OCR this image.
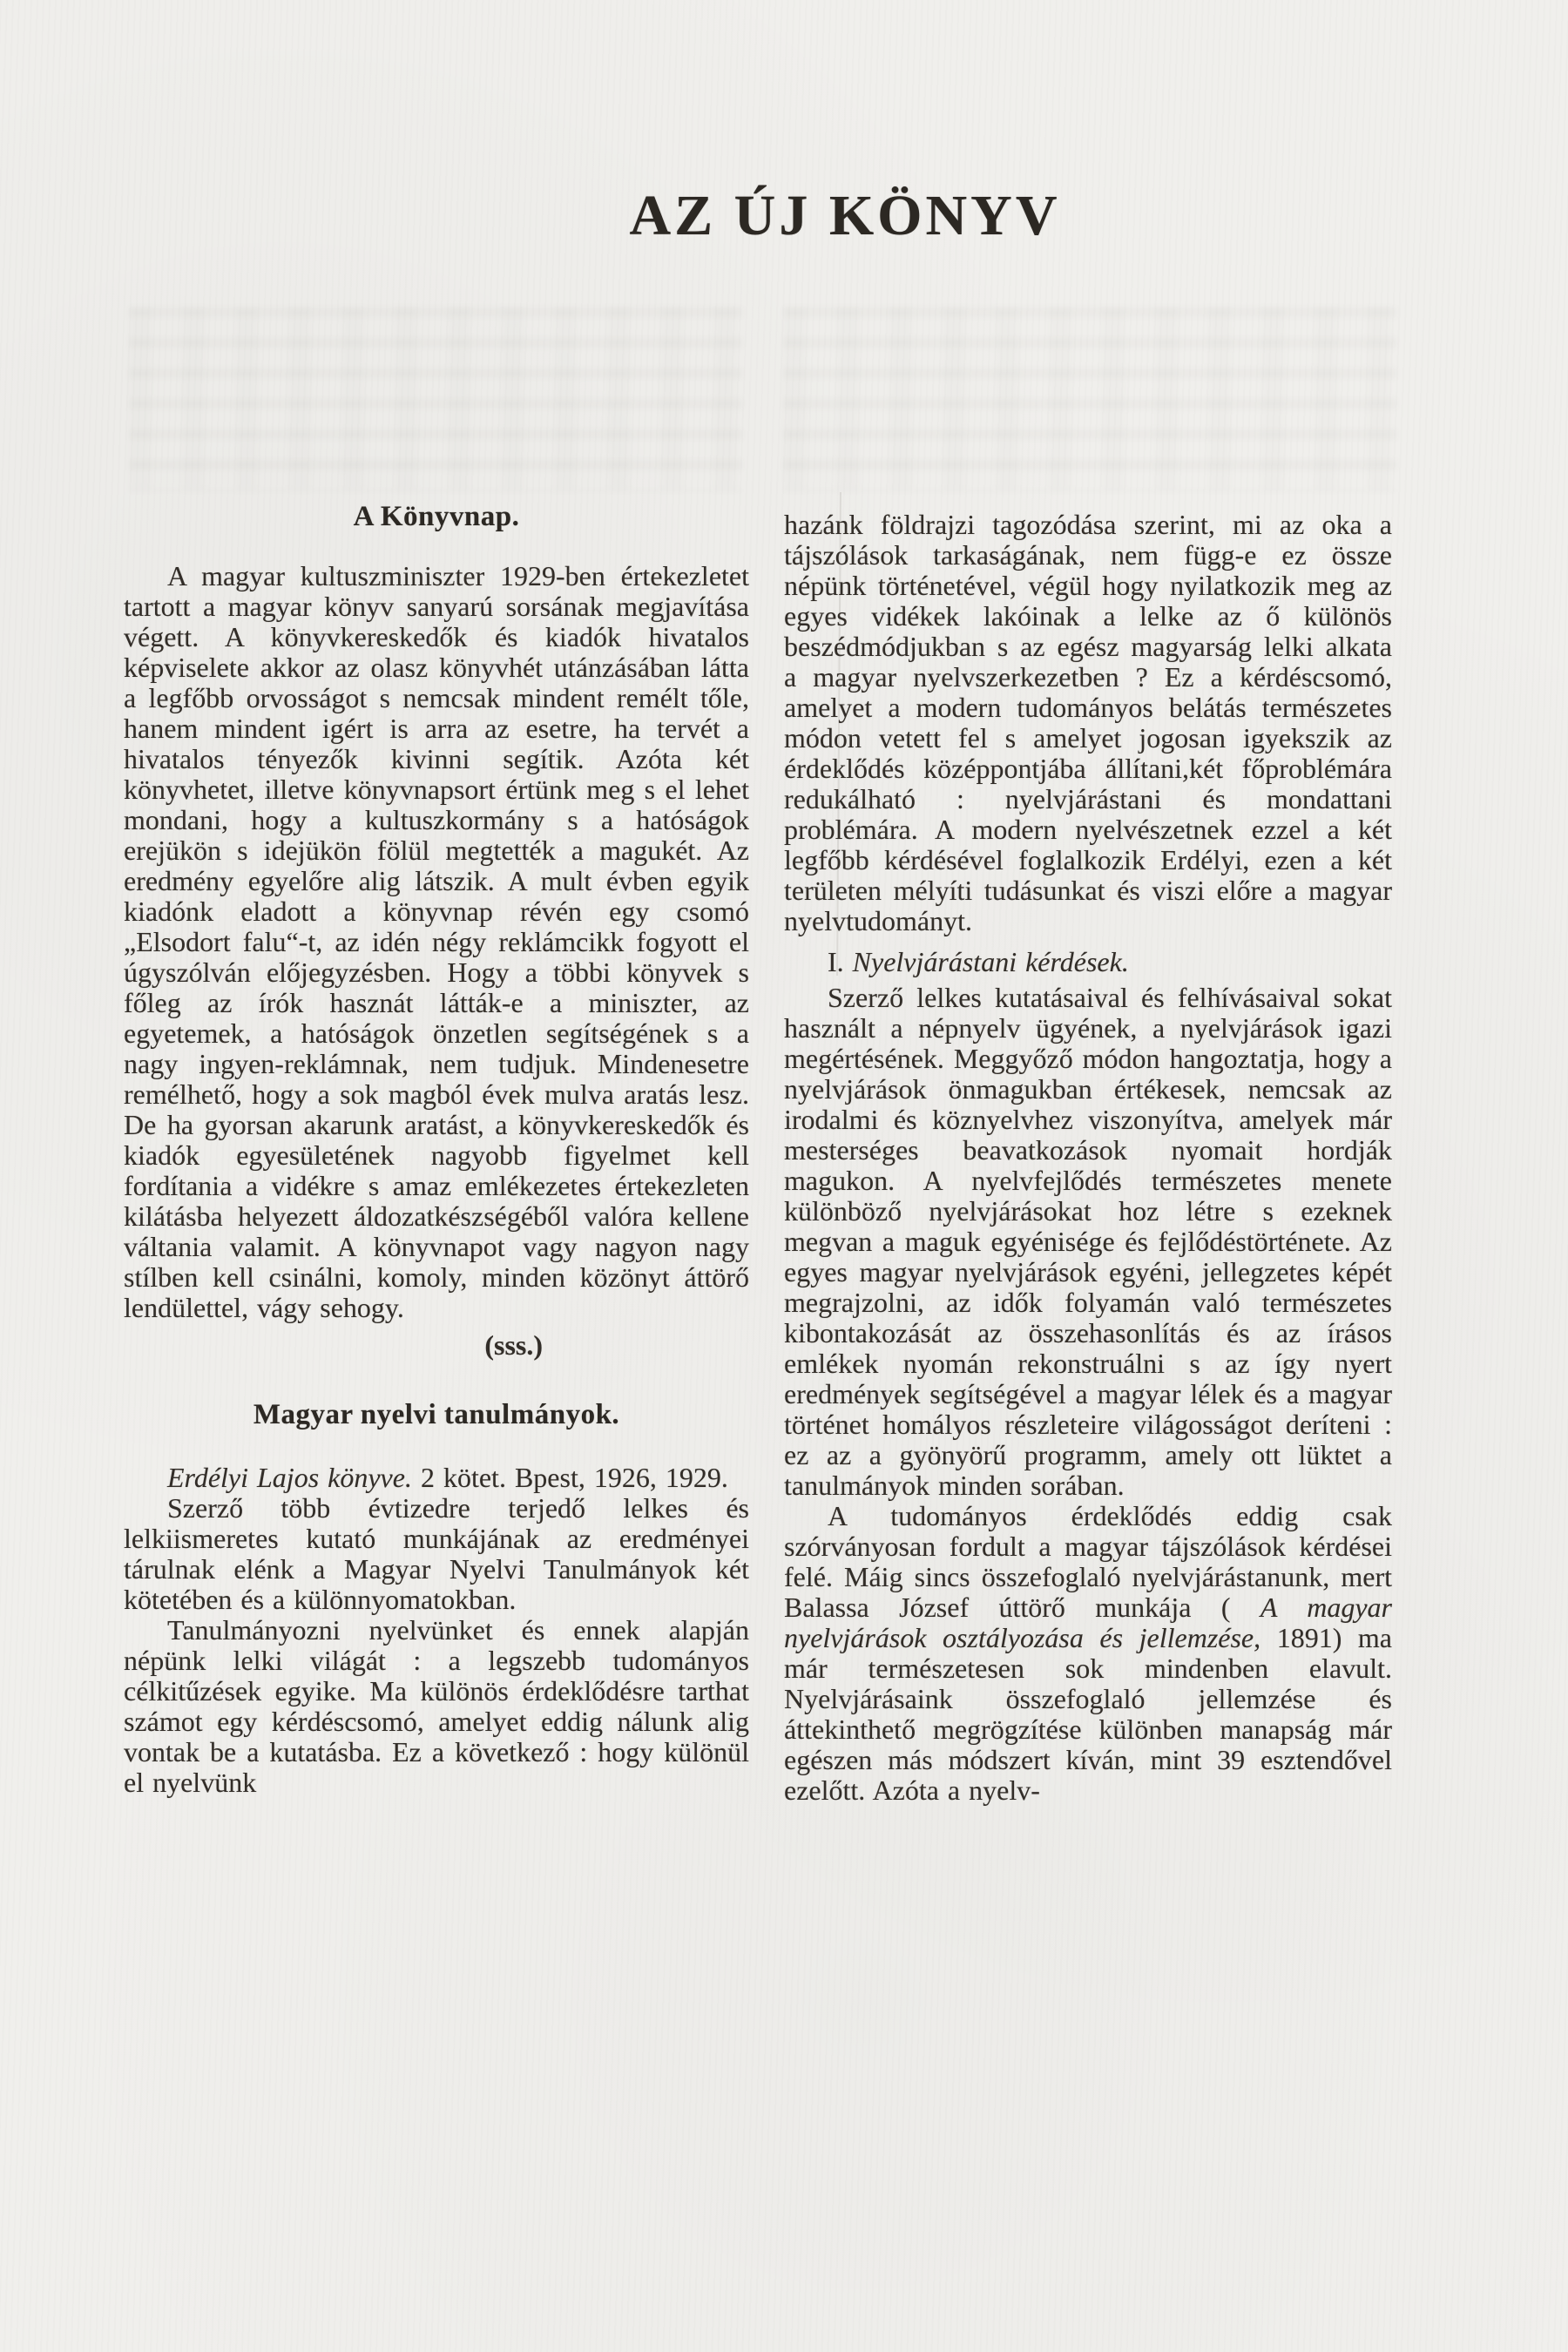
AZ ÚJ KÖNYV
A Könyvnap.

A magyar kultuszminiszter 1929-ben értekezletet tartott a magyar könyv sanyarú sorsának megjavítása végett. A könyvkereskedők és kiadók hivatalos képviselete akkor az olasz könyvhét utánzásában látta a legfőbb orvosságot s nemcsak mindent remélt tőle, hanem mindent igért is arra az esetre, ha tervét a hivatalos tényezők kivinni segítik. Azóta két könyvhetet, illetve könyvnapsort értünk meg s el lehet mondani, hogy a kultuszkormány s a hatóságok erejükön s idejükön fölül megtették a magukét. Az eredmény egyelőre alig látszik. A mult évben egyik kiadónk eladott a könyvnap révén egy csomó „Elsodort falu“-t, az idén négy reklámcikk fogyott el úgyszólván előjegyzésben. Hogy a többi könyvek s főleg az írók hasznát látták-e a miniszter, az egyetemek, a hatóságok önzetlen segítségének s a nagy ingyen-reklámnak, nem tudjuk. Mindenesetre remélhető, hogy a sok magból évek mulva aratás lesz. De ha gyorsan akarunk aratást, a könyvkereskedők és kiadók egyesületének nagyobb figyelmet kell fordítania a vidékre s amaz emlékezetes értekezleten kilátásba helyezett áldozatkészségéből valóra kellene váltania valamit. A könyvnapot vagy nagyon nagy stílben kell csinálni, komoly, minden közönyt áttörő lendülettel, vágy sehogy.

(sss.)

Magyar nyelvi tanulmányok.

Erdélyi Lajos könyve. 2 kötet. Bpest, 1926, 1929.

Szerző több évtizedre terjedő lelkes és lelkiismeretes kutató munkájának az eredményei tárulnak elénk a Magyar Nyelvi Tanulmányok két kötetében és a különnyomatokban.

Tanulmányozni nyelvünket és ennek alapján népünk lelki világát : a legszebb tudományos célkitűzések egyike. Ma különös érdeklődésre tarthat számot egy kérdéscsomó, amelyet eddig nálunk alig vontak be a kutatásba. Ez a következő : hogy különül el nyelvünk

hazánk földrajzi tagozódása szerint, mi az oka a tájszólások tarkaságának, nem függ-e ez össze népünk történetével, végül hogy nyilatkozik meg az egyes vidékek lakóinak a lelke az ő különös beszédmódjukban s az egész magyarság lelki alkata a magyar nyelvszerkezetben ? Ez a kérdéscsomó, amelyet a modern tudományos belátás természetes módon vetett fel s amelyet jogosan igyekszik az érdeklődés középpontjába állítani,két főproblémára redukálható : nyelvjárástani és mondattani problémára. A modern nyelvészetnek ezzel a két legfőbb kérdésével foglalkozik Erdélyi, ezen a két területen mélyíti tudásunkat és viszi előre a magyar nyelvtudományt.

I. Nyelvjárástani kérdések.

Szerző lelkes kutatásaival és felhívásaival sokat használt a népnyelv ügyének, a nyelvjárások igazi megértésének. Meggyőző módon hangoztatja, hogy a nyelvjárások önmagukban értékesek, nemcsak az irodalmi és köznyelvhez viszonyítva, amelyek már mesterséges beavatkozások nyomait hordják magukon. A nyelvfejlődés természetes menete különböző nyelvjárásokat hoz létre s ezeknek megvan a maguk egyénisége és fejlődéstörténete. Az egyes magyar nyelvjárások egyéni, jellegzetes képét megrajzolni, az idők folyamán való természetes kibontakozását az összehasonlítás és az írásos emlékek nyomán rekonstruálni s az így nyert eredmények segítségével a magyar lélek és a magyar történet homályos részleteire világosságot deríteni : ez az a gyönyörű programm, amely ott lüktet a tanulmányok minden sorában.

A tudományos érdeklődés eddig csak szórványosan fordult a magyar tájszólások kérdései felé. Máig sincs összefoglaló nyelvjárástanunk, mert Balassa József úttörő munkája ( A magyar nyelvjárások osztályozása és jellemzése, 1891) ma már természetesen sok mindenben elavult. Nyelvjárásaink összefoglaló jellemzése és áttekinthető megrögzítése különben manapság már egészen más módszert kíván, mint 39 esztendővel ezelőtt. Azóta a nyelv-
